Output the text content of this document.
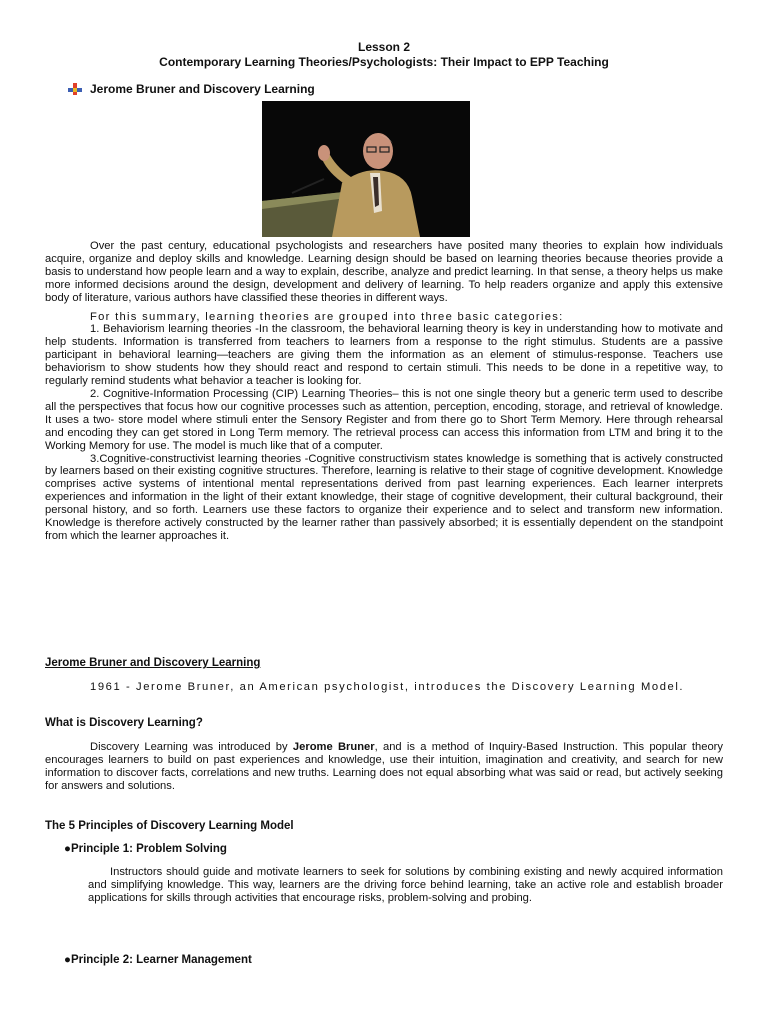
Lesson 2
Contemporary Learning Theories/Psychologists: Their Impact to EPP Teaching
Jerome Bruner and Discovery Learning

Over the past century, educational psychologists and researchers have posited many theories to explain how individuals acquire, organize and deploy skills and knowledge. Learning design should be based on learning theories because theories provide a basis to understand how people learn and a way to explain, describe, analyze and predict learning. In that sense, a theory helps us make more informed decisions around the design, development and delivery of learning. To help readers organize and apply this extensive body of literature, various authors have classified these theories in different ways.

For this summary, learning theories are grouped into three basic categories:

1. Behaviorism learning theories -In the classroom, the behavioral learning theory is key in understanding how to motivate and help students. Information is transferred from teachers to learners from a response to the right stimulus. Students are a passive participant in behavioral learning—teachers are giving them the information as an element of stimulus-response. Teachers use behaviorism to show students how they should react and respond to certain stimuli. This needs to be done in a repetitive way, to regularly remind students what behavior a teacher is looking for.

2. Cognitive-Information Processing (CIP) Learning Theories– this is not one single theory but a generic term used to describe all the perspectives that focus how our cognitive processes such as attention, perception, encoding, storage, and retrieval of knowledge. It uses a two- store model where stimuli enter the Sensory Register and from there go to Short Term Memory. Here through rehearsal and encoding they can get stored in Long Term memory. The retrieval process can access this information from LTM and bring it to the Working Memory for use. The model is much like that of a computer.

3.Cognitive-constructivist learning theories -Cognitive constructivism states knowledge is something that is actively constructed by learners based on their existing cognitive structures. Therefore, learning is relative to their stage of cognitive development. Knowledge comprises active systems of intentional mental representations derived from past learning experiences. Each learner interprets experiences and information in the light of their extant knowledge, their stage of cognitive development, their cultural background, their personal history, and so forth. Learners use these factors to organize their experience and to select and transform new information. Knowledge is therefore actively constructed by the learner rather than passively absorbed; it is essentially dependent on the standpoint from which the learner approaches it.

Jerome Bruner and Discovery Learning

1961 - Jerome Bruner, an American psychologist, introduces the Discovery Learning Model.

What is Discovery Learning?

Discovery Learning was introduced by Jerome Bruner, and is a method of Inquiry-Based Instruction. This popular theory encourages learners to build on past experiences and knowledge, use their intuition, imagination and creativity, and search for new information to discover facts, correlations and new truths. Learning does not equal absorbing what was said or read, but actively seeking for answers and solutions.

The 5 Principles of Discovery Learning Model
●Principle 1: Problem Solving

Instructors should guide and motivate learners to seek for solutions by combining existing and newly acquired information and simplifying knowledge. This way, learners are the driving force behind learning, take an active role and establish broader applications for skills through activities that encourage risks, problem-solving and probing.

●Principle 2: Learner Management
